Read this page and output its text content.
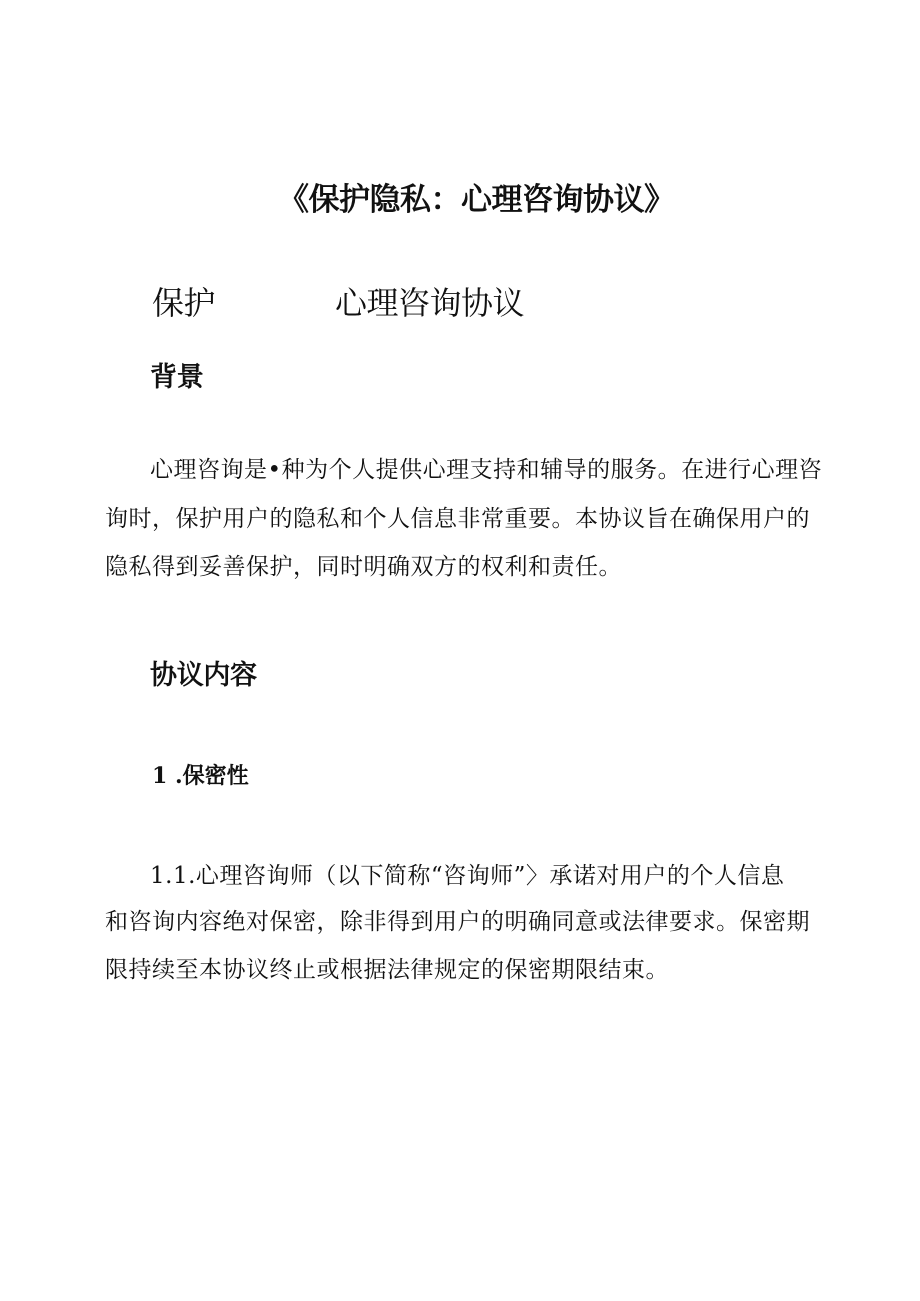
《保护隐私：心理咨询协议》
保护	心理咨询协议
背景

心理咨询是•种为个人提供心理支持和辅导的服务。在进行心理咨

询时，保护用户的隐私和个人信息非常重要。本协议旨在确保用户的

隐私得到妥善保护，同时明确双方的权利和责任。

协议内容
1 .保密性

1.1.心理咨询师（以下简称“咨询师”〉承诺对用户的个人信息

和咨询内容绝对保密，除非得到用户的明确同意或法律要求。保密期

限持续至本协议终止或根据法律规定的保密期限结束。
